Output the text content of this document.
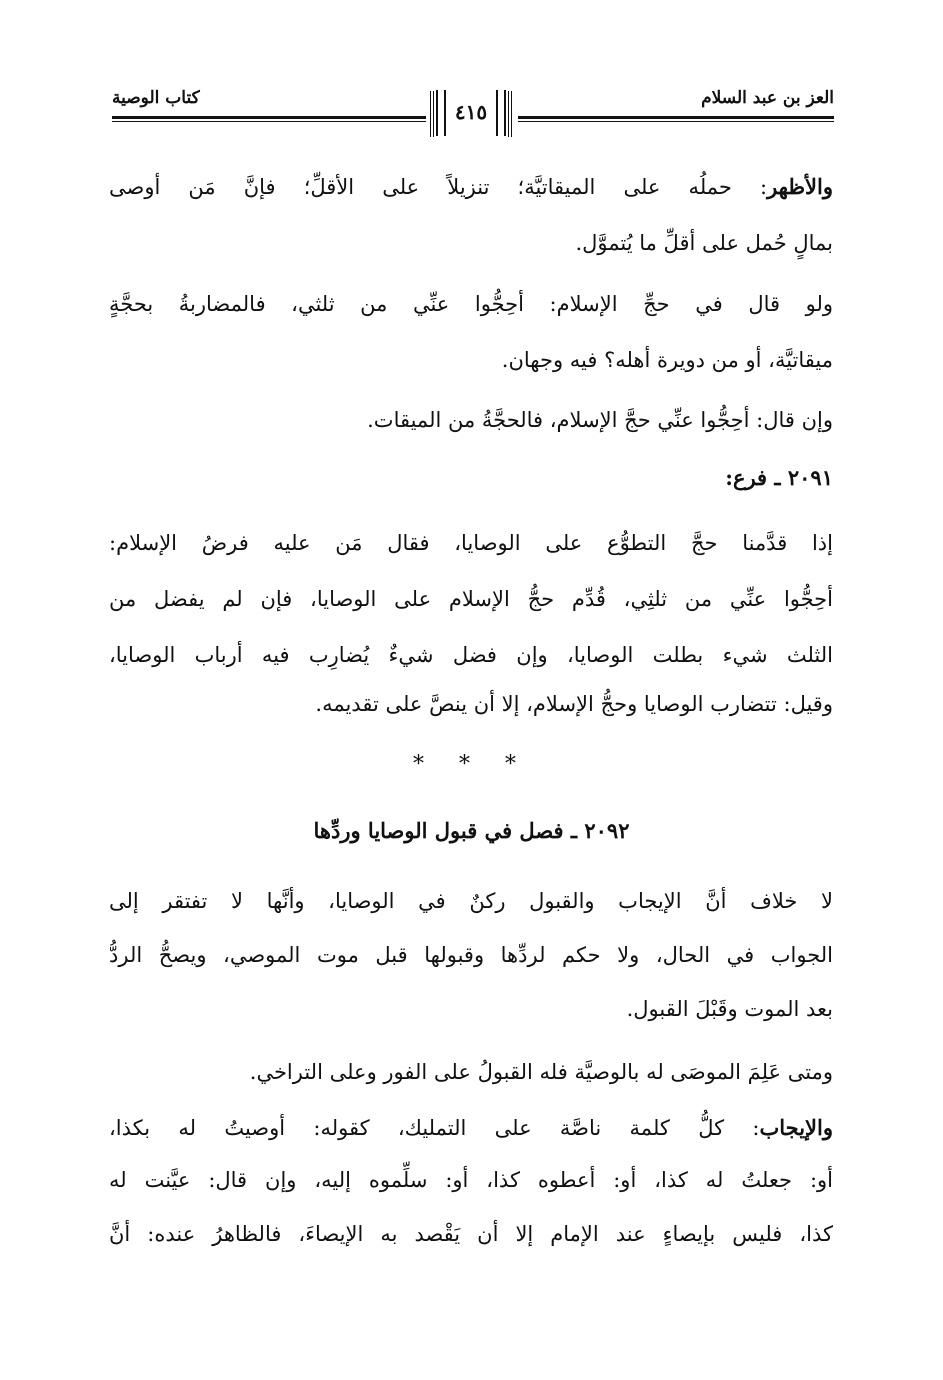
العز بن عبد السلام
كتاب الوصية
٤١٥
والأظهر: حملُه على الميقاتيَّة؛ تنزيلاً على الأقلِّ؛ فإنَّ مَن أوصى
بمالٍ حُمل على أقلِّ ما يُتموَّل.
ولو قال في حجِّ الإسلام: أحِجُّوا عنِّي من ثلثي، فالمضاربةُ بحجَّةٍ
ميقاتيَّة، أو من دويرة أهله؟ فيه وجهان.
وإن قال: أحِجُّوا عنِّي حجَّ الإسلام، فالحجَّةُ من الميقات.
٢٠٩١ ـ فرع:
إذا قدَّمنا حجَّ التطوُّع على الوصايا، فقال مَن عليه فرضُ الإسلام:
أحِجُّوا عنِّي من ثلثِي، قُدِّم حجُّ الإسلام على الوصايا، فإن لم يفضل من
الثلث شيء بطلت الوصايا، وإن فضل شيءٌ يُضارِب فيه أرباب الوصايا،
وقيل: تتضارب الوصايا وحجُّ الإسلام، إلا أن ينصَّ على تقديمه.
* * *
٢٠٩٢ ـ فصل في قبول الوصايا وردِّها
لا خلاف أنَّ الإيجاب والقبول ركنٌ في الوصايا، وأنَّها لا تفتقر إلى
الجواب في الحال، ولا حكم لردِّها وقبولها قبل موت الموصي، ويصحُّ الردُّ
بعد الموت وقَبْلَ القبول.
ومتى عَلِمَ الموصَى له بالوصيَّة فله القبولُ على الفور وعلى التراخي.
والإيجاب: كلُّ كلمة ناصَّة على التمليك، كقوله: أوصيتُ له بكذا،
أو: جعلتُ له كذا، أو: أعطوه كذا، أو: سلِّموه إليه، وإن قال: عيَّنت له
كذا، فليس بإيصاءٍ عند الإمام إلا أن يَقْصد به الإيصاءَ، فالظاهرُ عنده: أنَّ
